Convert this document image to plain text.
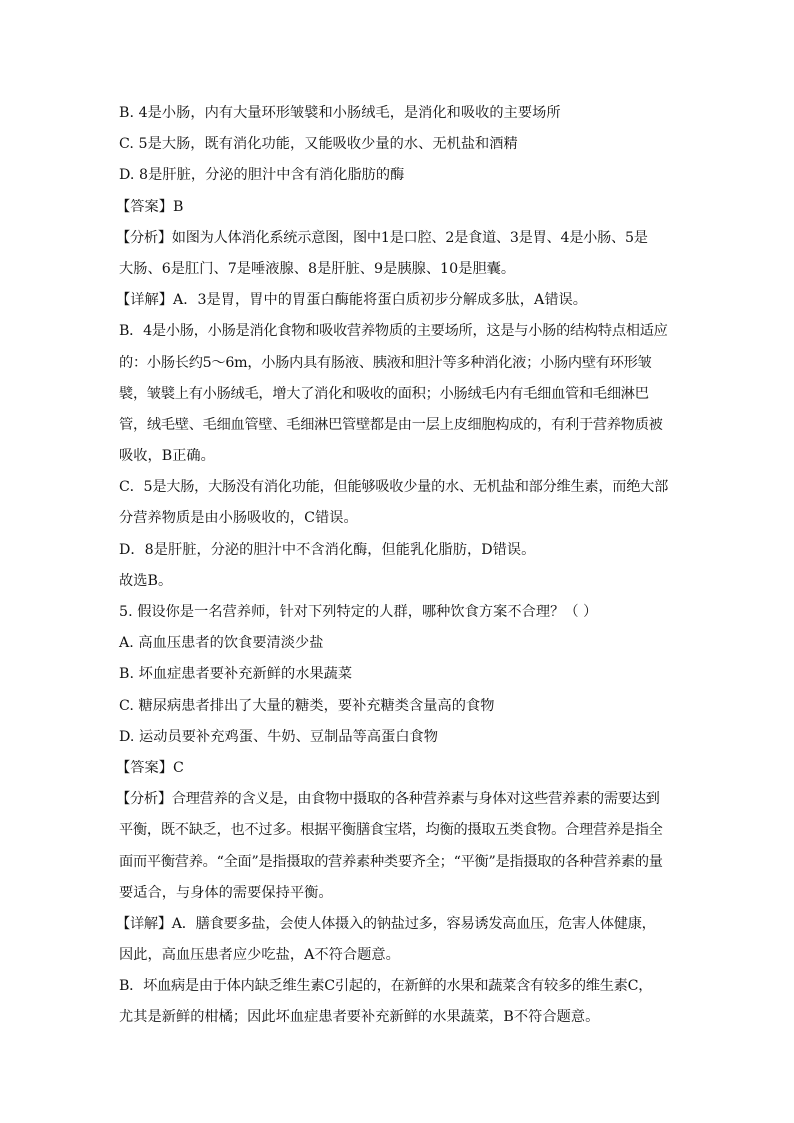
B. 4是小肠，内有大量环形皱襞和小肠绒毛，是消化和吸收的主要场所
C. 5是大肠，既有消化功能，又能吸收少量的水、无机盐和酒精
D. 8是肝脏，分泌的胆汁中含有消化脂肪的酶
【答案】B
【分析】如图为人体消化系统示意图，图中1是口腔、2是食道、3是胃、4是小肠、5是
大肠、6是肛门、7是唾液腺、8是肝脏、9是胰腺、10是胆囊。
【详解】A．3是胃，胃中的胃蛋白酶能将蛋白质初步分解成多肽，A错误。
B．4是小肠，小肠是消化食物和吸收营养物质的主要场所，这是与小肠的结构特点相适应
的：小肠长约5～6m，小肠内具有肠液、胰液和胆汁等多种消化液；小肠内壁有环形皱
襞，皱襞上有小肠绒毛，增大了消化和吸收的面积；小肠绒毛内有毛细血管和毛细淋巴
管，绒毛壁、毛细血管壁、毛细淋巴管壁都是由一层上皮细胞构成的，有利于营养物质被
吸收，B正确。
C．5是大肠，大肠没有消化功能，但能够吸收少量的水、无机盐和部分维生素，而绝大部
分营养物质是由小肠吸收的，C错误。
D．8是肝脏，分泌的胆汁中不含消化酶，但能乳化脂肪，D错误。
故选B。
5. 假设你是一名营养师，针对下列特定的人群，哪种饮食方案不合理？（ ）
A. 高血压患者的饮食要清淡少盐
B. 坏血症患者要补充新鲜的水果蔬菜
C. 糖尿病患者排出了大量的糖类，要补充糖类含量高的食物
D. 运动员要补充鸡蛋、牛奶、豆制品等高蛋白食物
【答案】C
【分析】合理营养的含义是，由食物中摄取的各种营养素与身体对这些营养素的需要达到
平衡，既不缺乏，也不过多。根据平衡膳食宝塔，均衡的摄取五类食物。合理营养是指全
面而平衡营养。“全面”是指摄取的营养素种类要齐全；“平衡”是指摄取的各种营养素的量
要适合，与身体的需要保持平衡。
【详解】A．膳食要多盐，会使人体摄入的钠盐过多，容易诱发高血压，危害人体健康，
因此，高血压患者应少吃盐，A不符合题意。
B．坏血病是由于体内缺乏维生素C引起的，在新鲜的水果和蔬菜含有较多的维生素C，
尤其是新鲜的柑橘；因此坏血症患者要补充新鲜的水果蔬菜，B不符合题意。
